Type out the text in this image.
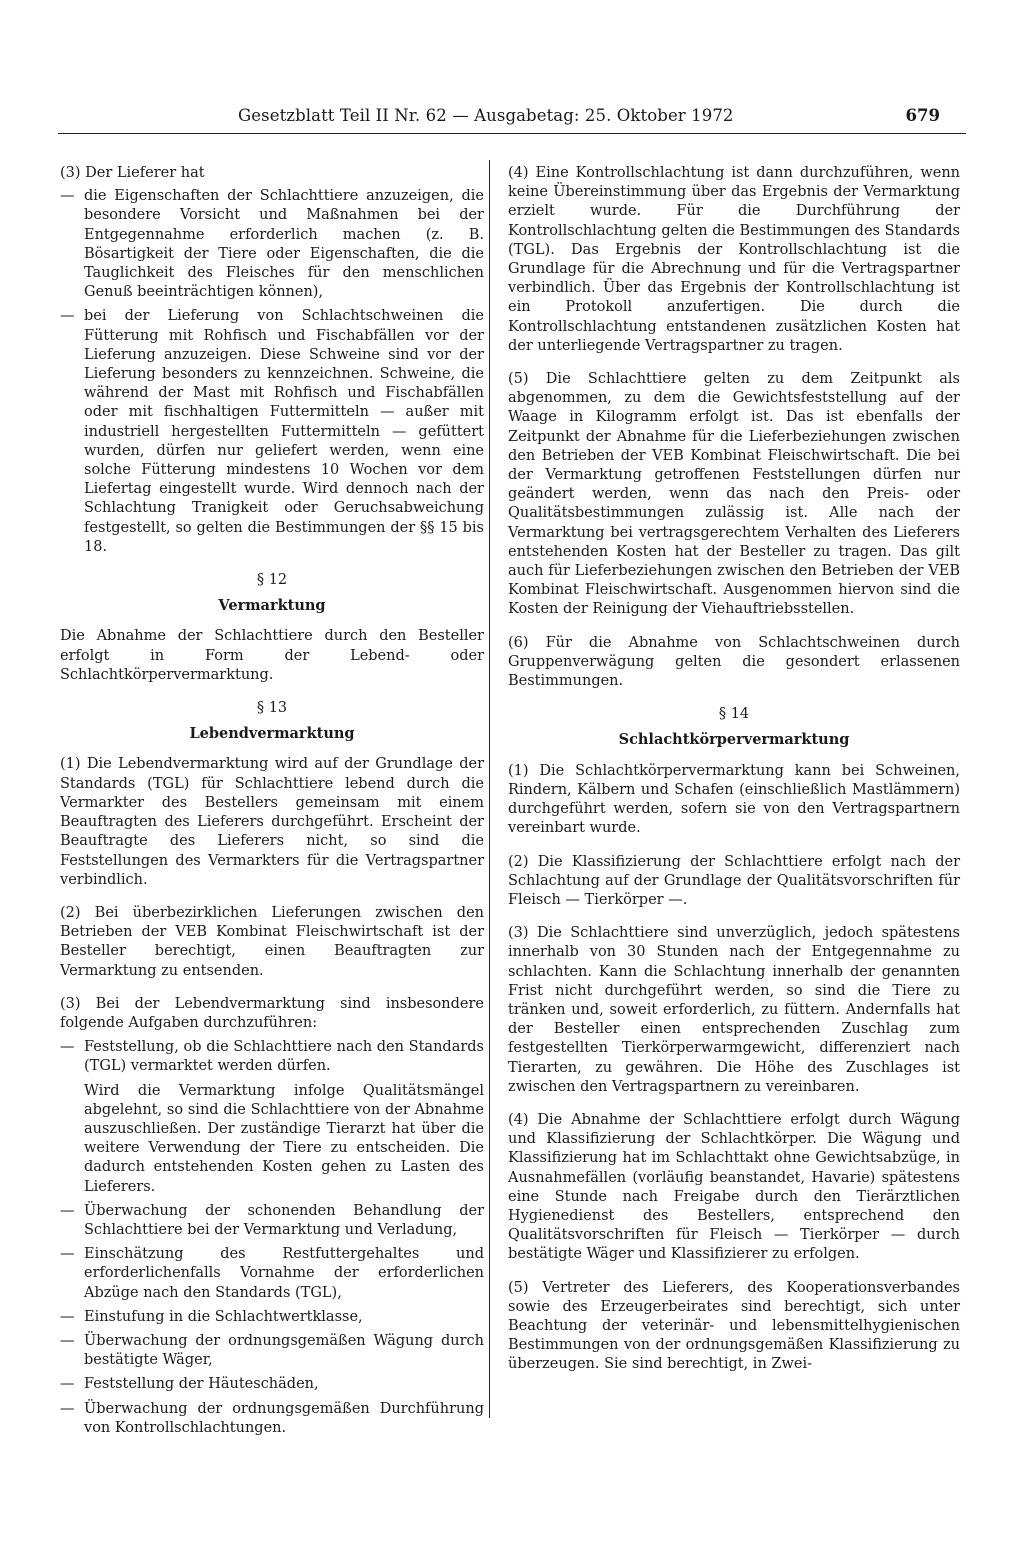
Gesetzblatt Teil II Nr. 62 — Ausgabetag: 25. Oktober 1972	679

(3) Der Lieferer hat

— die Eigenschaften der Schlachttiere anzuzeigen, die besondere Vorsicht und Maßnahmen bei der Entgegennahme erforderlich machen (z. B. Bösartigkeit der Tiere oder Eigenschaften, die die Tauglichkeit des Fleisches für den menschlichen Genuß beeinträchtigen können),
— bei der Lieferung von Schlachtschweinen die Fütterung mit Rohfisch und Fischabfällen vor der Lieferung anzuzeigen. Diese Schweine sind vor der Lieferung besonders zu kennzeichnen. Schweine, die während der Mast mit Rohfisch und Fischabfällen oder mit fischhaltigen Futtermitteln — außer mit industriell hergestellten Futtermitteln — gefüttert wurden, dürfen nur geliefert werden, wenn eine solche Fütterung mindestens 10 Wochen vor dem Liefertag eingestellt wurde. Wird dennoch nach der Schlachtung Tranigkeit oder Geruchsabweichung festgestellt, so gelten die Bestimmungen der §§ 15 bis 18.
§ 12
Vermarktung

Die Abnahme der Schlachttiere durch den Besteller erfolgt in Form der Lebend- oder Schlachtkörpervermarktung.

§ 13
Lebendvermarktung

(1) Die Lebendvermarktung wird auf der Grundlage der Standards (TGL) für Schlachttiere lebend durch die Vermarkter des Bestellers gemeinsam mit einem Beauftragten des Lieferers durchgeführt. Erscheint der Beauftragte des Lieferers nicht, so sind die Feststellungen des Vermarkters für die Vertragspartner verbindlich.

(2) Bei überbezirklichen Lieferungen zwischen den Betrieben der VEB Kombinat Fleischwirtschaft ist der Besteller berechtigt, einen Beauftragten zur Vermarktung zu entsenden.

(3) Bei der Lebendvermarktung sind insbesondere folgende Aufgaben durchzuführen:

— Feststellung, ob die Schlachttiere nach den Standards (TGL) vermarktet werden dürfen.
Wird die Vermarktung infolge Qualitätsmängel abgelehnt, so sind die Schlachttiere von der Abnahme auszuschließen. Der zuständige Tierarzt hat über die weitere Verwendung der Tiere zu entscheiden. Die dadurch entstehenden Kosten gehen zu Lasten des Lieferers.
— Überwachung der schonenden Behandlung der Schlachttiere bei der Vermarktung und Verladung,
— Einschätzung des Restfuttergehaltes und erforderlichenfalls Vornahme der erforderlichen Abzüge nach den Standards (TGL),
— Einstufung in die Schlachtwertklasse,
— Überwachung der ordnungsgemäßen Wägung durch bestätigte Wäger,
— Feststellung der Häuteschäden,
— Überwachung der ordnungsgemäßen Durchführung von Kontrollschlachtungen.

(4) Eine Kontrollschlachtung ist dann durchzuführen, wenn keine Übereinstimmung über das Ergebnis der Vermarktung erzielt wurde. Für die Durchführung der Kontrollschlachtung gelten die Bestimmungen des Standards (TGL). Das Ergebnis der Kontrollschlachtung ist die Grundlage für die Abrechnung und für die Vertragspartner verbindlich. Über das Ergebnis der Kontrollschlachtung ist ein Protokoll anzufertigen. Die durch die Kontrollschlachtung entstandenen zusätzlichen Kosten hat der unterliegende Vertragspartner zu tragen.

(5) Die Schlachttiere gelten zu dem Zeitpunkt als abgenommen, zu dem die Gewichtsfeststellung auf der Waage in Kilogramm erfolgt ist. Das ist ebenfalls der Zeitpunkt der Abnahme für die Lieferbeziehungen zwischen den Betrieben der VEB Kombinat Fleischwirtschaft. Die bei der Vermarktung getroffenen Feststellungen dürfen nur geändert werden, wenn das nach den Preis- oder Qualitätsbestimmungen zulässig ist. Alle nach der Vermarktung bei vertragsgerechtem Verhalten des Lieferers entstehenden Kosten hat der Besteller zu tragen. Das gilt auch für Lieferbeziehungen zwischen den Betrieben der VEB Kombinat Fleischwirtschaft. Ausgenommen hiervon sind die Kosten der Reinigung der Viehauftriebsstellen.

(6) Für die Abnahme von Schlachtschweinen durch Gruppenverwägung gelten die gesondert erlassenen Bestimmungen.

§ 14
Schlachtkörpervermarktung

(1) Die Schlachtkörpervermarktung kann bei Schweinen, Rindern, Kälbern und Schafen (einschließlich Mastlämmern) durchgeführt werden, sofern sie von den Vertragspartnern vereinbart wurde.

(2) Die Klassifizierung der Schlachttiere erfolgt nach der Schlachtung auf der Grundlage der Qualitätsvorschriften für Fleisch — Tierkörper —.

(3) Die Schlachttiere sind unverzüglich, jedoch spätestens innerhalb von 30 Stunden nach der Entgegennahme zu schlachten. Kann die Schlachtung innerhalb der genannten Frist nicht durchgeführt werden, so sind die Tiere zu tränken und, soweit erforderlich, zu füttern. Andernfalls hat der Besteller einen entsprechenden Zuschlag zum festgestellten Tierkörperwarmgewicht, differenziert nach Tierarten, zu gewähren. Die Höhe des Zuschlages ist zwischen den Vertragspartnern zu vereinbaren.

(4) Die Abnahme der Schlachttiere erfolgt durch Wägung und Klassifizierung der Schlachtkörper. Die Wägung und Klassifizierung hat im Schlachttakt ohne Gewichtsabzüge, in Ausnahmefällen (vorläufig beanstandet, Havarie) spätestens eine Stunde nach Freigabe durch den Tierärztlichen Hygienedienst des Bestellers, entsprechend den Qualitätsvorschriften für Fleisch — Tierkörper — durch bestätigte Wäger und Klassifizierer zu erfolgen.

(5) Vertreter des Lieferers, des Kooperationsverbandes sowie des Erzeugerbeirates sind berechtigt, sich unter Beachtung der veterinär- und lebensmittelhygienischen Bestimmungen von der ordnungsgemäßen Klassifizierung zu überzeugen. Sie sind berechtigt, in Zwei-
